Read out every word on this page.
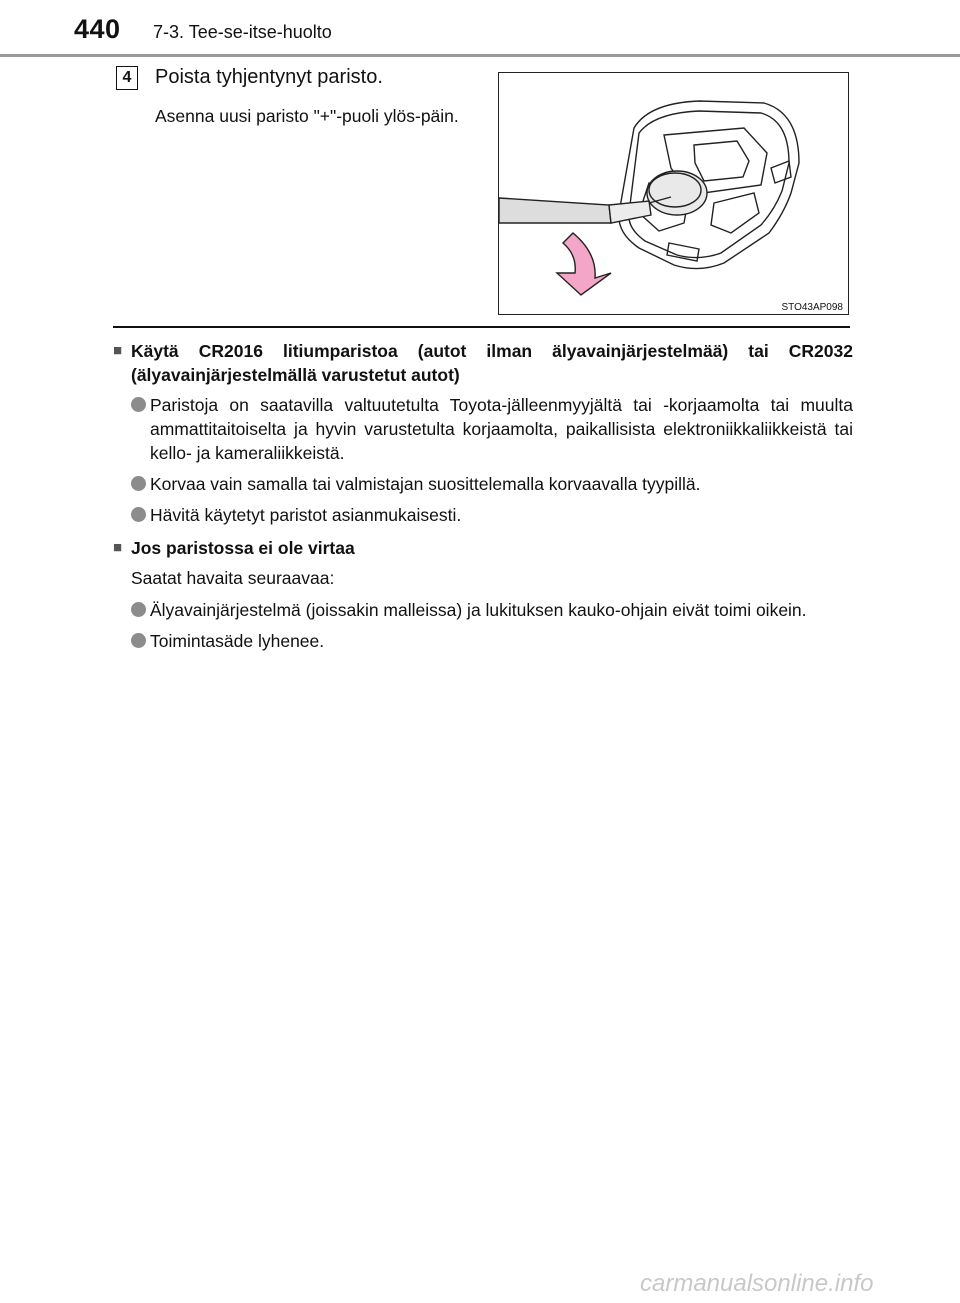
440 7-3. Tee-se-itse-huolto
4	Poista tyhjentynyt paristo.
Asenna uusi paristo "+"-puoli ylös-päin.
STO43AP098
■ Käytä CR2016 litiumparistoa (autot ilman älyavainjärjestelmää) tai CR2032 (älyavainjärjestelmällä varustetut autot)
Paristoja on saatavilla valtuutetulta Toyota-jälleenmyyjältä tai -korjaamolta tai muulta ammattitaitoiselta ja hyvin varustetulta korjaamolta, paikallisista elektroniikkaliikkeistä tai kello- ja kameraliikkeistä.
Korvaa vain samalla tai valmistajan suosittelemalla korvaavalla tyypillä.
Hävitä käytetyt paristot asianmukaisesti.
■ Jos paristossa ei ole virtaa
Saatat havaita seuraavaa:
Älyavainjärjestelmä (joissakin malleissa) ja lukituksen kauko-ohjain eivät toimi oikein.
Toimintasäde lyhenee.
carmanualsonline.info
